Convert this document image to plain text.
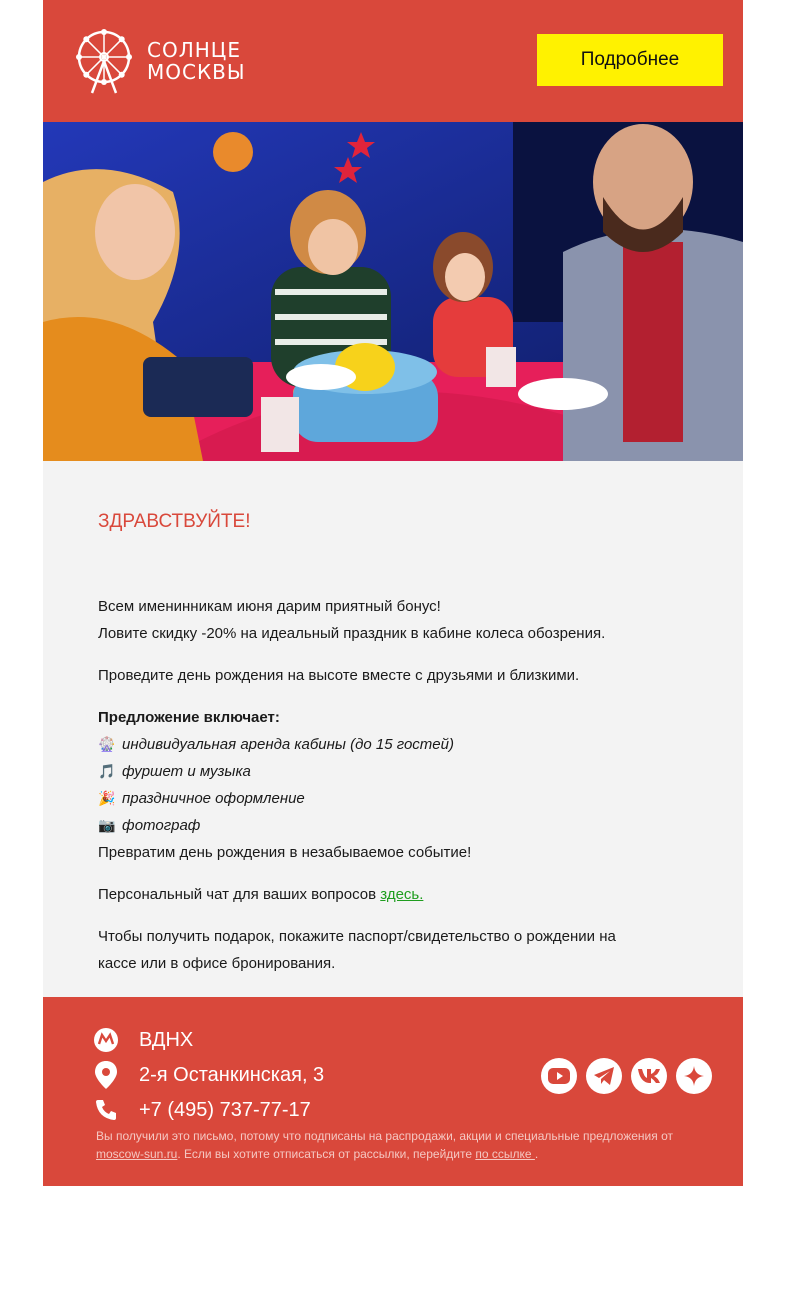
СОЛНЦЕ
МОСКВЫ
Подробнее
ЗДРАВСТВУЙТЕ!

Всем именинникам июня дарим приятный бонус!
Ловите скидку -20% на идеальный праздник в кабине колеса обозрения.

Проведите день рождения на высоте вместе с друзьями и близкими.

Предложение включает:
🎡 индивидуальная аренда кабины (до 15 гостей)
🎵 фуршет и музыка
🎉 праздничное оформление
📷 фотограф
Превратим день рождения в незабываемое событие!

Персональный чат для ваших вопросов здесь.

Чтобы получить подарок, покажите паспорт/свидетельство о рождении на кассе или в офисе бронирования.

ВДНХ
2-я Останкинская, 3
+7 (495) 737-77-17
Вы получили это письмо, потому что подписаны на распродажи, акции и специальные предложения от moscow-sun.ru. Если вы хотите отписаться от рассылки, перейдите по ссылке .
